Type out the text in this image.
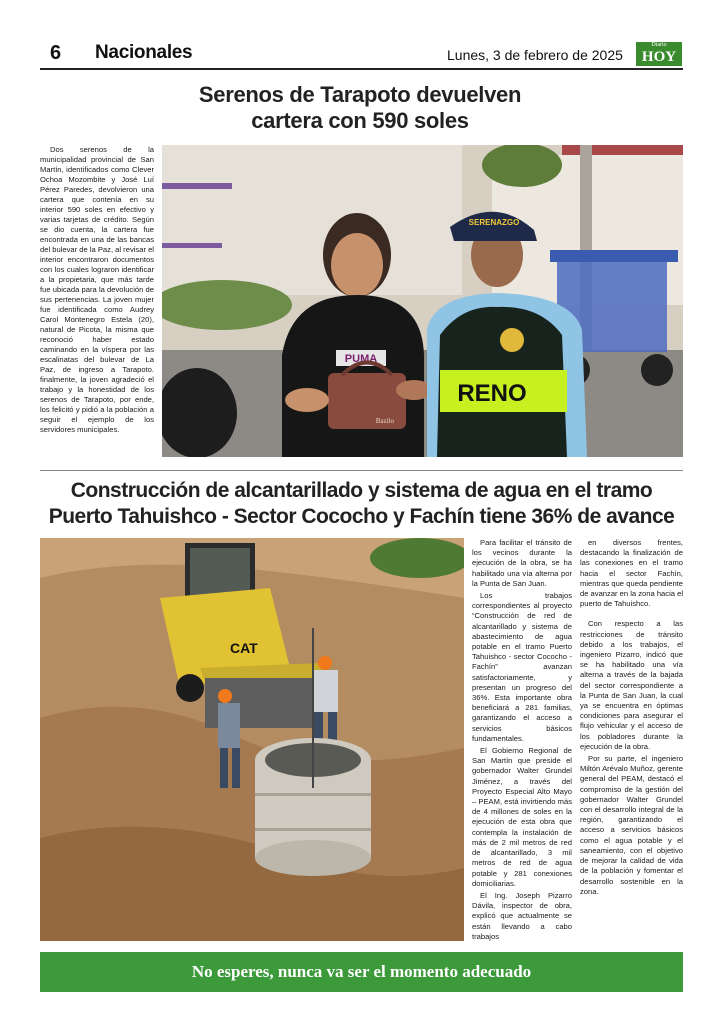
6 Nacionales	Lunes, 3 de febrero de 2025
Diario
HOY
Serenos de Tarapoto devuelven
cartera con 590 soles
Dos serenos de la municipalidad provincial de San Martín, identificados como Clever Ochoa Mozombite y José Luí Pérez Paredes, devolvieron una cartera que contenía en su interior 590 soles en efectivo y varias tarjetas de crédito. Según se dio cuenta, la cartera fue encontrada en una de las bancas del bulevar de la Paz, al revisar el interior encontraron documentos con los cuales lograron identificar a la propietaria, que más tarde fue ubicada para la devolución de sus pertenencias. La joven mujer fue identificada como Audrey Carol Montenegro Estela (20), natural de Picota, la misma que reconoció haber estado caminando en la víspera por las escalinatas del bulevar de La Paz, de ingreso a Tarapoto. finalmente, la joven agradeció el trabajo y la honestidad de los serenos de Tarapoto, por ende, los felicitó y pidió a la población a seguir el ejemplo de los servidores municipales.
PUMA
Bazilo
SERENAZGO
RENO
Construcción de alcantarillado y sistema de agua en el tramo
Puerto Tahuishco - Sector Cococho y Fachín tiene 36% de avance
CAT

Para facilitar el tránsito de los vecinos durante la ejecución de la obra, se ha habilitado una vía alterna por la Punta de San Juan.

Los trabajos correspondientes al proyecto “Construcción de red de alcantarillado y sistema de abastecimiento de agua potable en el tramo Puerto Tahuishco - sector Cococho - Fachín” avanzan satisfactoriamente, y presentan un progreso del 36%. Esta importante obra beneficiará a 281 familias, garantizando el acceso a servicios básicos fundamentales.

El Gobierno Regional de San Martín que preside el gobernador Walter Grundel Jiménez, a través del Proyecto Especial Alto Mayo – PEAM, está invirtiendo más de 4 millones de soles en la ejecución de esta obra que contempla la instalación de más de 2 mil metros de red de alcantarillado, 3 mil metros de red de agua potable y 281 conexiones domiciliarias.

El Ing. Joseph Pizarro Dávila, inspector de obra, explicó que actualmente se están llevando a cabo trabajos

en diversos frentes, destacando la finalización de las conexiones en el tramo hacia el sector Fachín, mientras que queda pendiente de avanzar en la zona hacia el puerto de Tahuishco.

Con respecto a las restricciones de tránsito debido a los trabajos, el ingeniero Pizarro, indicó que se ha habilitado una vía alterna a través de la bajada del sector correspondiente a la Punta de San Juan, la cual ya se encuentra en óptimas condiciones para asegurar el flujo vehicular y el acceso de los pobladores durante la ejecución de la obra.

Por su parte, el ingeniero Miltón Arévalo Muñoz, gerente general del PEAM, destacó el compromiso de la gestión del gobernador Walter Grundel con el desarrollo integral de la región, garantizando el acceso a servicios básicos como el agua potable y el saneamiento, con el objetivo de mejorar la calidad de vida de la población y fomentar el desarrollo sostenible en la zona.

No esperes, nunca va ser el momento adecuado
